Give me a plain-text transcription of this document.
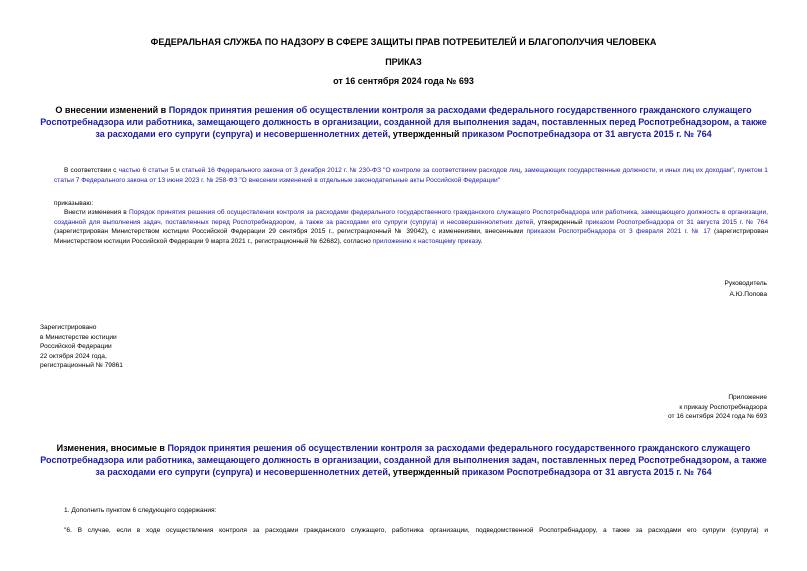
ФЕДЕРАЛЬНАЯ СЛУЖБА ПО НАДЗОРУ В СФЕРЕ ЗАЩИТЫ ПРАВ ПОТРЕБИТЕЛЕЙ И БЛАГОПОЛУЧИЯ ЧЕЛОВЕКА
ПРИКАЗ
от 16 сентября 2024 года № 693
О внесении изменений в Порядок принятия решения об осуществлении контроля за расходами федерального государственного гражданского служащего Роспотребнадзора или работника, замещающего должность в организации, созданной для выполнения задач, поставленных перед Роспотребнадзором, а также за расходами его супруги (супруга) и несовершеннолетних детей, утвержденный приказом Роспотребнадзора от 31 августа 2015 г. № 764
В соответствии с частью 6 статьи 5 и статьей 16 Федерального закона от 3 декабря 2012 г. № 230-ФЗ "О контроле за соответствием расходов лиц, замещающих государственные должности, и иных лиц их доходам", пунктом 1 статьи 7 Федерального закона от 13 июня 2023 г. № 258-ФЗ "О внесении изменений в отдельные законодательные акты Российской Федерации"
приказываю:
Внести изменения в Порядок принятия решения об осуществлении контроля за расходами федерального государственного гражданского служащего Роспотребнадзора или работника, замещающего должность в организации, созданной для выполнения задач, поставленных перед Роспотребнадзором, а также за расходами его супруги (супруга) и несовершеннолетних детей, утвержденный приказом Роспотребнадзора от 31 августа 2015 г. № 764 (зарегистрирован Министерством юстиции Российской Федерации 29 сентября 2015 г., регистрационный № 39042), с изменениями, внесенными приказом Роспотребнадзора от 3 февраля 2021 г. № 17 (зарегистрирован Министерством юстиции Российской Федерации 9 марта 2021 г., регистрационный № 62682), согласно приложению к настоящему приказу.
Руководитель
А.Ю.Попова
Зарегистрировано
в Министерстве юстиции
Российской Федерации
22 октября 2024 года,
регистрационный № 79861
Приложение
к приказу Роспотребнадзора
от 16 сентября 2024 года № 693
Изменения, вносимые в Порядок принятия решения об осуществлении контроля за расходами федерального государственного гражданского служащего Роспотребнадзора или работника, замещающего должность в организации, созданной для выполнения задач, поставленных перед Роспотребнадзором, а также за расходами его супруги (супруга) и несовершеннолетних детей, утвержденный приказом Роспотребнадзора от 31 августа 2015 г. № 764
1. Дополнить пунктом 6 следующего содержания:
"6. В случае, если в ходе осуществления контроля за расходами гражданского служащего, работника организации, подведомственной Роспотребнадзору, а также за расходами его супруги (супруга) и
